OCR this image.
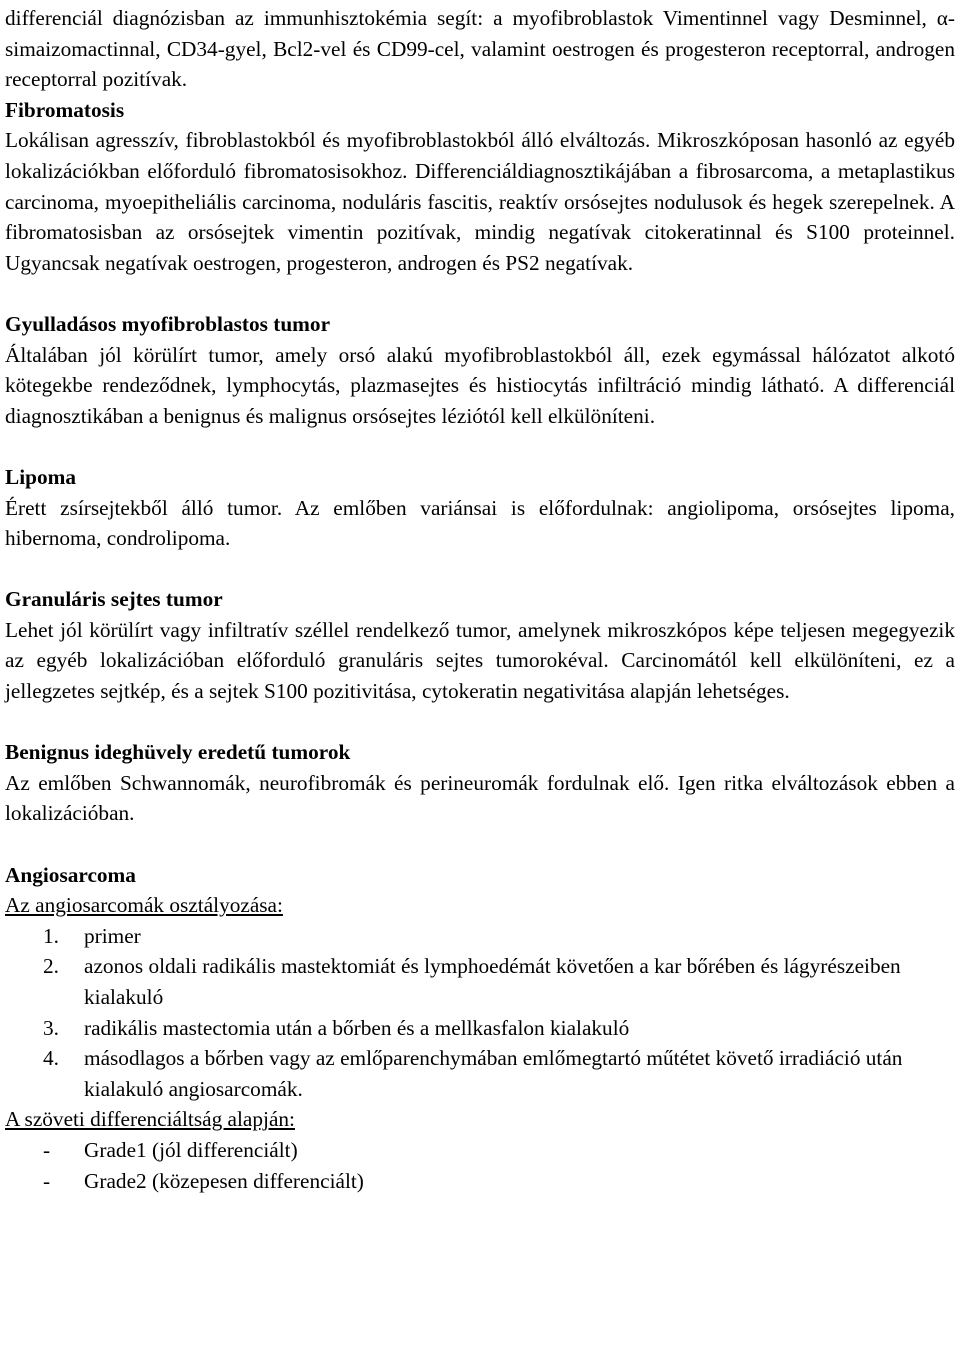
differenciál diagnózisban az immunhisztokémia segít: a myofibroblastok Vimentinnel vagy Desminnel, α-simaizomactinnal, CD34-gyel, Bcl2-vel és CD99-cel, valamint oestrogen és progesteron receptorral, androgen receptorral pozitívak.

Fibromatosis

Lokálisan agresszív, fibroblastokból és myofibroblastokból álló elváltozás. Mikroszkóposan hasonló az egyéb lokalizációkban előforduló fibromatosisokhoz. Differenciáldiagnosztikájában a fibrosarcoma, a metaplastikus carcinoma, myoepitheliális carcinoma, noduláris fascitis, reaktív orsósejtes nodulusok és hegek szerepelnek. A fibromatosisban az orsósejtek vimentin pozitívak, mindig negatívak citokeratinnal és S100 proteinnel. Ugyancsak negatívak oestrogen, progesteron, androgen és PS2 negatívak.

Gyulladásos myofibroblastos tumor

Általában jól körülírt tumor, amely orsó alakú myofibroblastokból áll, ezek egymással hálózatot alkotó kötegekbe rendeződnek, lymphocytás, plazmasejtes és histiocytás infiltráció mindig látható. A differenciál diagnosztikában a benignus és malignus orsósejtes léziótól kell elkülöníteni.

Lipoma

Érett zsírsejtekből álló tumor. Az emlőben variánsai is előfordulnak: angiolipoma, orsósejtes lipoma, hibernoma, condrolipoma.

Granuláris sejtes tumor

Lehet jól körülírt vagy infiltratív széllel rendelkező tumor, amelynek mikroszkópos képe teljesen megegyezik az egyéb lokalizációban előforduló granuláris sejtes tumorokéval. Carcinomától kell elkülöníteni, ez a jellegzetes sejtkép, és a sejtek S100 pozitivitása, cytokeratin negativitása alapján lehetséges.

Benignus ideghüvely eredetű tumorok

Az emlőben Schwannomák, neurofibromák és perineuromák fordulnak elő. Igen ritka elváltozások ebben a lokalizációban.

Angiosarcoma

Az angiosarcomák osztályozása:

1. primer
2. azonos oldali radikális mastektomiát és lymphoedémát követően a kar bőrében és lágyrészeiben kialakuló
3. radikális mastectomia után a bőrben és a mellkasfalon kialakuló
4. másodlagos a bőrben vagy az emlőparenchymában emlőmegtartó műtétet követő irradiáció után kialakuló angiosarcomák.

A szöveti differenciáltság alapján:

- Grade1 (jól differenciált)
- Grade2 (közepesen differenciált)
